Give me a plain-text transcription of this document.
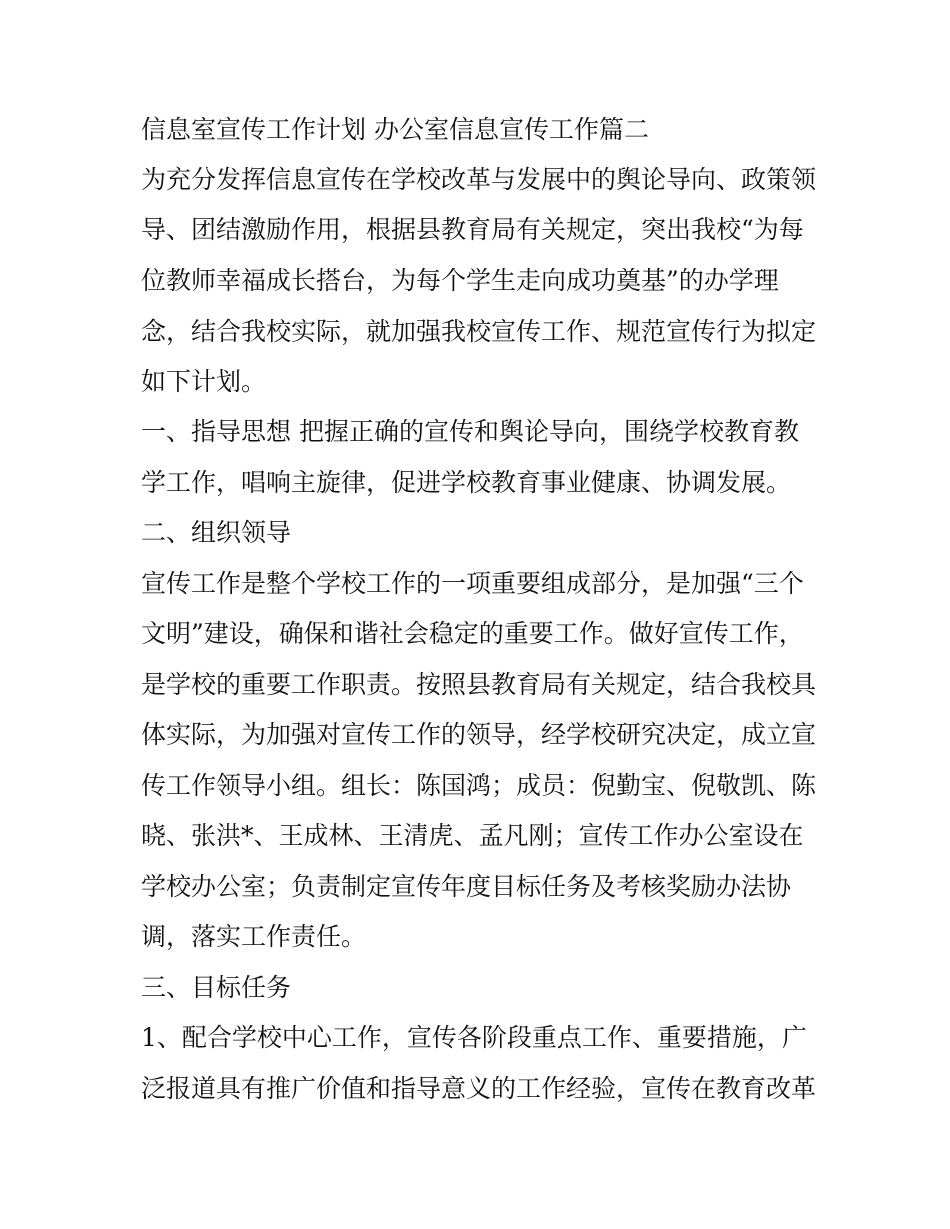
信息室宣传工作计划 办公室信息宣传工作篇二
为充分发挥信息宣传在学校改革与发展中的舆论导向、政策领
导、团结激励作用，根据县教育局有关规定，突出我校“为每
位教师幸福成长搭台，为每个学生走向成功奠基”的办学理
念，结合我校实际，就加强我校宣传工作、规范宣传行为拟定
如下计划。
一、指导思想 把握正确的宣传和舆论导向，围绕学校教育教
学工作，唱响主旋律，促进学校教育事业健康、协调发展。
二、组织领导
宣传工作是整个学校工作的一项重要组成部分，是加强“三个
文明”建设，确保和谐社会稳定的重要工作。做好宣传工作，
是学校的重要工作职责。按照县教育局有关规定，结合我校具
体实际，为加强对宣传工作的领导，经学校研究决定，成立宣
传工作领导小组。组长：陈国鸿；成员：倪勤宝、倪敬凯、陈
晓、张洪*、王成林、王清虎、孟凡刚；宣传工作办公室设在
学校办公室；负责制定宣传年度目标任务及考核奖励办法协
调，落实工作责任。
三、目标任务
1、配合学校中心工作，宣传各阶段重点工作、重要措施，广
泛报道具有推广价值和指导意义的工作经验，宣传在教育改革
